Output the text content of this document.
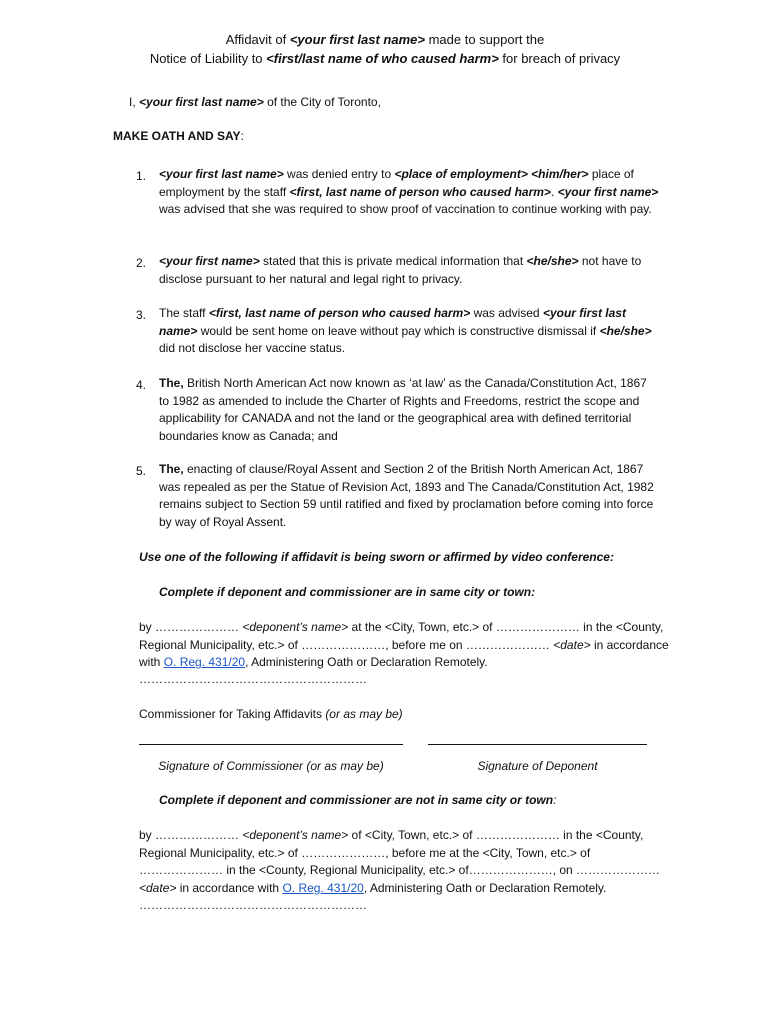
Affidavit of <your first last name> made to support the
Notice of Liability to <first/last name of who caused harm> for breach of privacy
I, <your first last name> of the City of Toronto,
MAKE OATH AND SAY:
1. <your first last name> was denied entry to <place of employment> <him/her> place of employment by the staff <first, last name of person who caused harm>. <your first name> was advised that she was required to show proof of vaccination to continue working with pay.
2. <your first name> stated that this is private medical information that <he/she> not have to disclose pursuant to her natural and legal right to privacy.
3. The staff <first, last name of person who caused harm> was advised <your first last name> would be sent home on leave without pay which is constructive dismissal if <he/she> did not disclose her vaccine status.
4. The, British North American Act now known as ‘at law’ as the Canada/Constitution Act, 1867 to 1982 as amended to include the Charter of Rights and Freedoms, restrict the scope and applicability for CANADA and not the land or the geographical area with defined territorial boundaries know as Canada; and
5. The, enacting of clause/Royal Assent and Section 2 of the British North American Act, 1867 was repealed as per the Statue of Revision Act, 1893 and The Canada/Constitution Act, 1982 remains subject to Section 59 until ratified and fixed by proclamation before coming into force by way of Royal Assent.
Use one of the following if affidavit is being sworn or affirmed by video conference:
Complete if deponent and commissioner are in same city or town:
by ………………… <deponent’s name> at the <City, Town, etc.> of ………………… in the <County, Regional Municipality, etc.> of …………………, before me on ………………… <date> in accordance with O. Reg. 431/20, Administering Oath or Declaration Remotely.
…………………………………………………
Commissioner for Taking Affidavits (or as may be)
Signature of Commissioner (or as may be)	Signature of Deponent
Complete if deponent and commissioner are not in same city or town:
by ………………… <deponent’s name> of <City, Town, etc.> of ………………… in the <County, Regional Municipality, etc.> of …………………, before me at the <City, Town, etc.> of ………………… in the <County, Regional Municipality, etc.> of…………………, on ………………… <date> in accordance with O. Reg. 431/20, Administering Oath or Declaration Remotely.
…………………………………………………
